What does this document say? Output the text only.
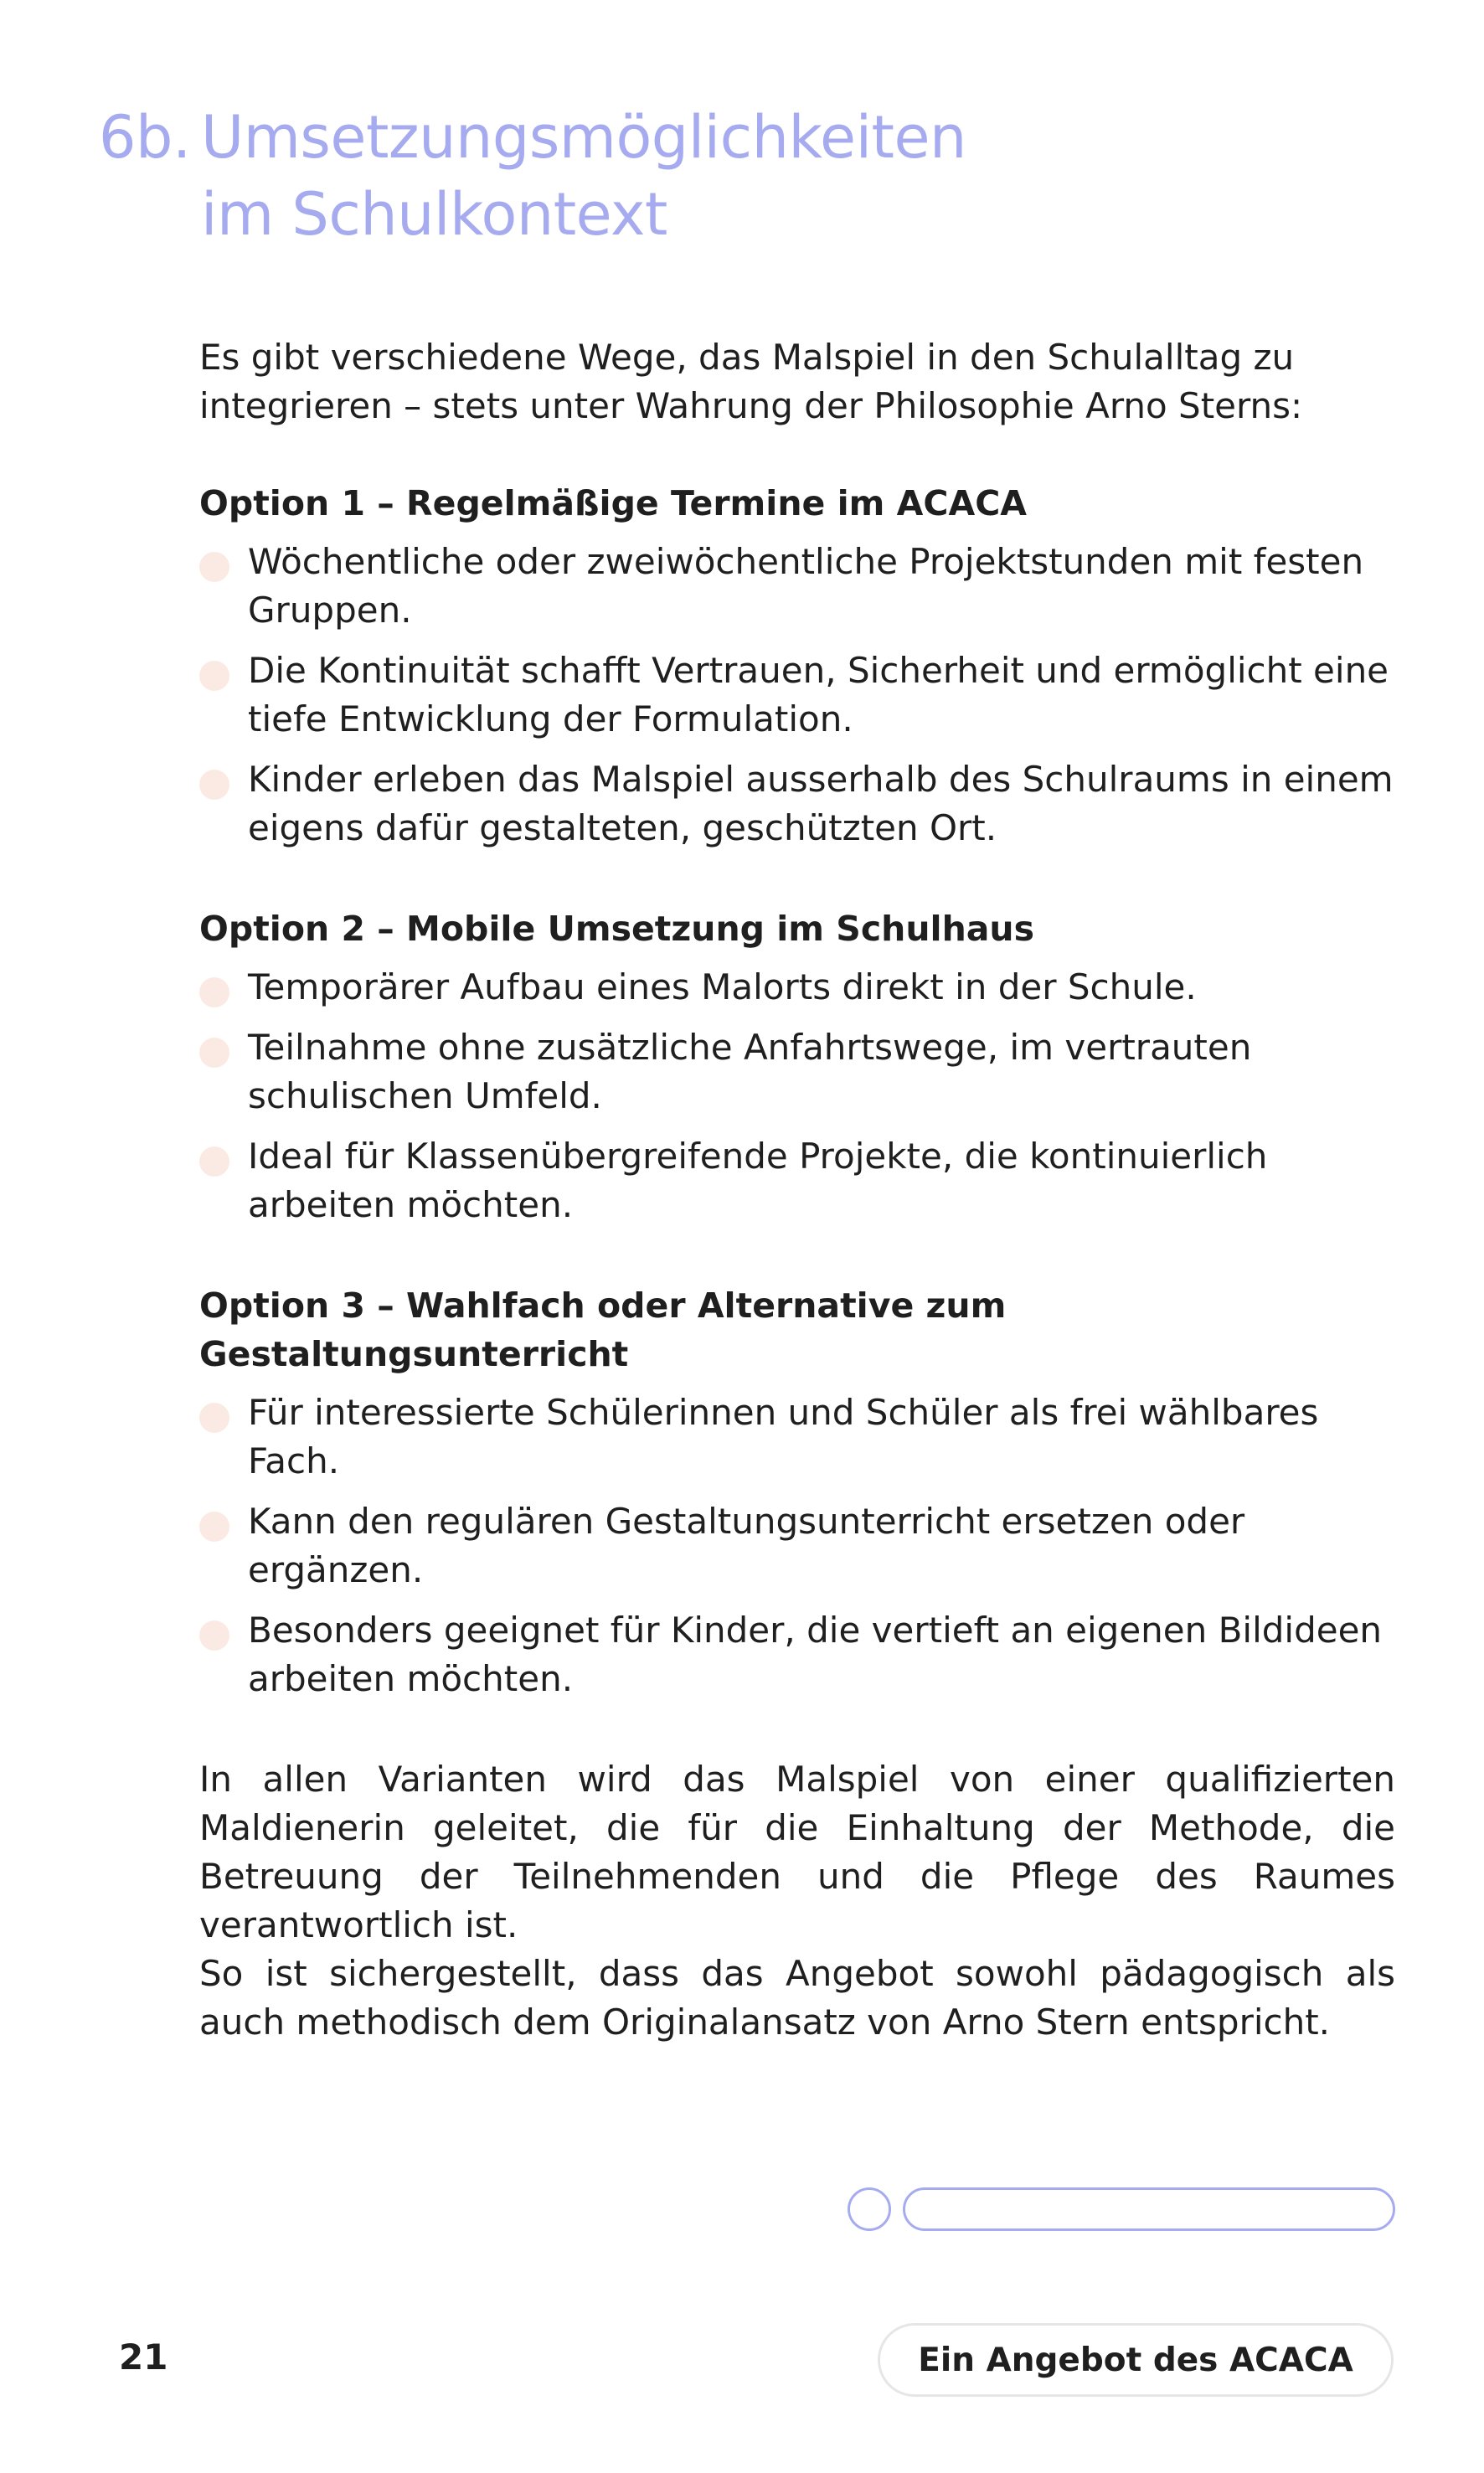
6b. Umsetzungsmöglichkeiten
im Schulkontext

Es gibt verschiedene Wege, das Malspiel in den Schulalltag zu integrieren – stets unter Wahrung der Philosophie Arno Sterns:

Option 1 – Regelmäßige Termine im ACACA

Wöchentliche oder zweiwöchentliche Projektstunden mit festen Gruppen.
Die Kontinuität schafft Vertrauen, Sicherheit und ermöglicht eine tiefe Entwicklung der Formulation.
Kinder erleben das Malspiel ausserhalb des Schulraums in einem eigens dafür gestalteten, geschützten Ort.

Option 2 – Mobile Umsetzung im Schulhaus

Temporärer Aufbau eines Malorts direkt in der Schule.
Teilnahme ohne zusätzliche Anfahrtswege, im vertrauten schulischen Umfeld.
Ideal für Klassenübergreifende Projekte, die kontinuierlich arbeiten möchten.

Option 3 – Wahlfach oder Alternative zum Gestaltungsunterricht

Für interessierte Schülerinnen und Schüler als frei wählbares Fach.
Kann den regulären Gestaltungsunterricht ersetzen oder ergänzen.
Besonders geeignet für Kinder, die vertieft an eigenen Bildideen arbeiten möchten.

In allen Varianten wird das Malspiel von einer qualifizierten Maldienerin geleitet, die für die Einhaltung der Methode, die Betreuung der Teilnehmenden und die Pflege des Raumes verantwortlich ist.

So ist sichergestellt, dass das Angebot sowohl pädagogisch als auch methodisch dem Originalansatz von Arno Stern entspricht.

21	Ein Angebot des ACACA
